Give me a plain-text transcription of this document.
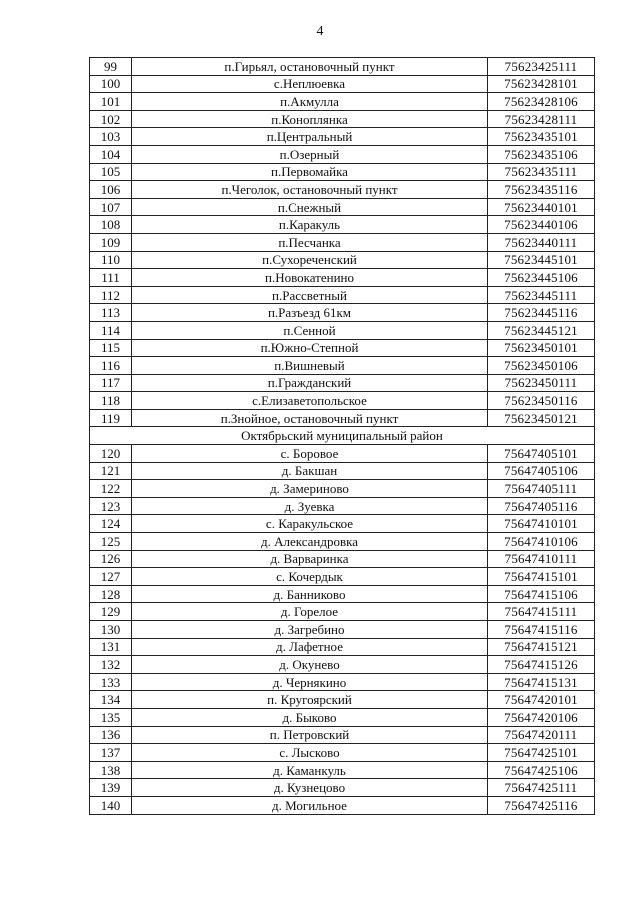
4
99	п.Гирьял, остановочный пункт	75623425111
100	с.Неплюевка	75623428101
101	п.Акмулла	75623428106
102	п.Коноплянка	75623428111
103	п.Центральный	75623435101
104	п.Озерный	75623435106
105	п.Первомайка	75623435111
106	п.Чеголок, остановочный пункт	75623435116
107	п.Снежный	75623440101
108	п.Каракуль	75623440106
109	п.Песчанка	75623440111
110	п.Сухореченский	75623445101
111	п.Новокатенино	75623445106
112	п.Рассветный	75623445111
113	п.Разъезд 61км	75623445116
114	п.Сенной	75623445121
115	п.Южно-Степной	75623450101
116	п.Вишневый	75623450106
117	п.Гражданский	75623450111
118	с.Елизаветопольское	75623450116
119	п.Знойное, остановочный пункт	75623450121
Октябрьский муниципальный район		
120	с. Боровое	75647405101
121	д. Бакшан	75647405106
122	д. Замериново	75647405111
123	д. Зуевка	75647405116
124	с. Каракульское	75647410101
125	д. Александровка	75647410106
126	д. Варваринка	75647410111
127	с. Кочердык	75647415101
128	д. Банниково	75647415106
129	д. Горелое	75647415111
130	д. Загребино	75647415116
131	д. Лафетное	75647415121
132	д. Окунево	75647415126
133	д. Чернякино	75647415131
134	п. Кругоярский	75647420101
135	д. Быково	75647420106
136	п. Петровский	75647420111
137	с. Лысково	75647425101
138	д. Каманкуль	75647425106
139	д. Кузнецово	75647425111
140	д. Могильное	75647425116
